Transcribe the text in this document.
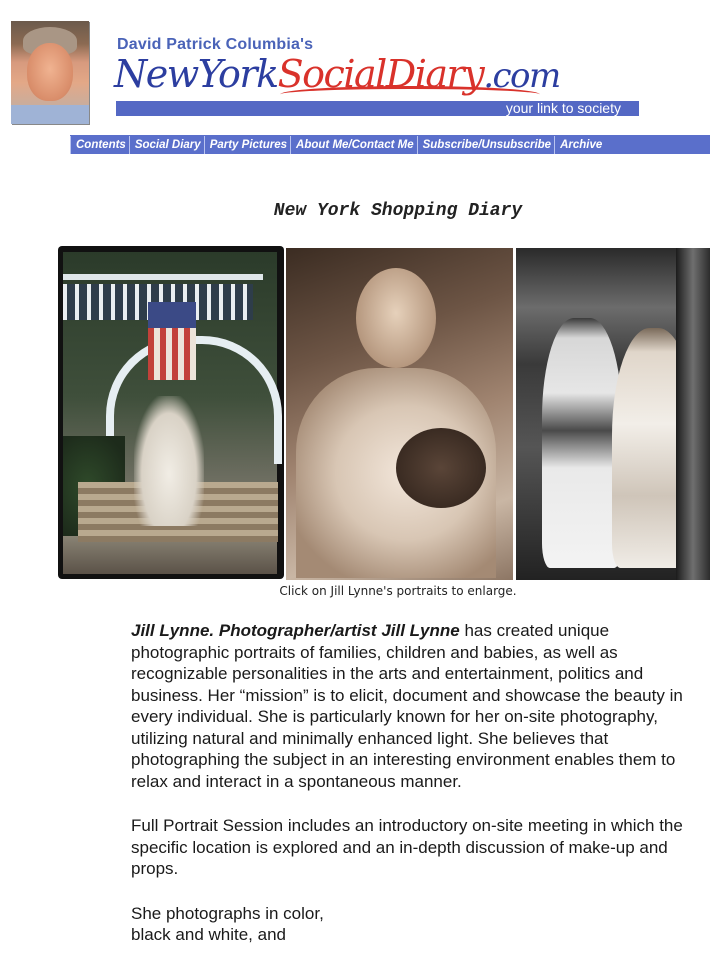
David Patrick Columbia's
NewYorkSocialDiary.com
your link to society
Contents Social Diary Party Pictures About Me/Contact Me Subscribe/Unsubscribe Archive
New York Shopping Diary
Click on Jill Lynne's portraits to enlarge.

Jill Lynne. Photographer/artist Jill Lynne has created unique photographic portraits of families, children and babies, as well as recognizable personalities in the arts and entertainment, politics and business. Her “mission” is to elicit, document and showcase the beauty in every individual. She is particularly known for her on-site photography, utilizing natural and minimally enhanced light. She believes that photographing the subject in an interesting environment enables them to relax and interact in a spontaneous manner.

Full Portrait Session includes an introductory on-site meeting in which the specific location is explored and an in-depth discussion of make-up and props.

She photographs in color,
black and white, and
